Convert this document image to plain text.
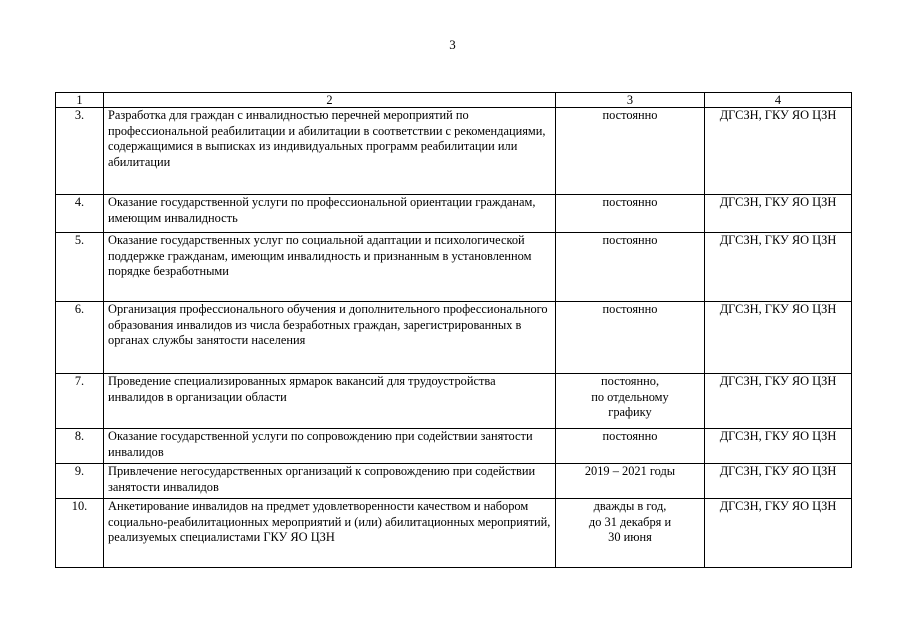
3
1	2	3	4
3.	Разработка для граждан с инвалидностью перечней мероприятий по профессиональной реабилитации и абилитации в соответствии с рекомендациями, содержащимися в выписках из индивидуальных программ реабилитации или абилитации	постоянно	ДГСЗН, ГКУ ЯО ЦЗН
4.	Оказание государственной услуги по профессиональной ориентации гражданам, имеющим инвалидность	постоянно	ДГСЗН, ГКУ ЯО ЦЗН
5.	Оказание государственных услуг по социальной адаптации и психологической поддержке гражданам, имеющим инвалидность и признанным в установленном порядке безработными	постоянно	ДГСЗН, ГКУ ЯО ЦЗН
6.	Организация профессионального обучения и дополнительного профессионального образования инвалидов из числа безработных граждан, зарегистрированных в органах службы занятости населения	постоянно	ДГСЗН, ГКУ ЯО ЦЗН
7.	Проведение специализированных ярмарок вакансий для трудоустройства инвалидов в организации области	постоянно,
по отдельному
графику	ДГСЗН, ГКУ ЯО ЦЗН
8.	Оказание государственной услуги по сопровождению при содействии занятости инвалидов	постоянно	ДГСЗН, ГКУ ЯО ЦЗН
9.	Привлечение негосударственных организаций к сопровождению при содействии занятости инвалидов	2019 – 2021 годы	ДГСЗН, ГКУ ЯО ЦЗН
10.	Анкетирование инвалидов на предмет удовлетворенности качеством и набором социально-реабилитационных мероприятий и (или) абилитационных мероприятий, реализуемых специалистами ГКУ ЯО ЦЗН	дважды в год,
до 31 декабря и
30 июня	ДГСЗН, ГКУ ЯО ЦЗН
